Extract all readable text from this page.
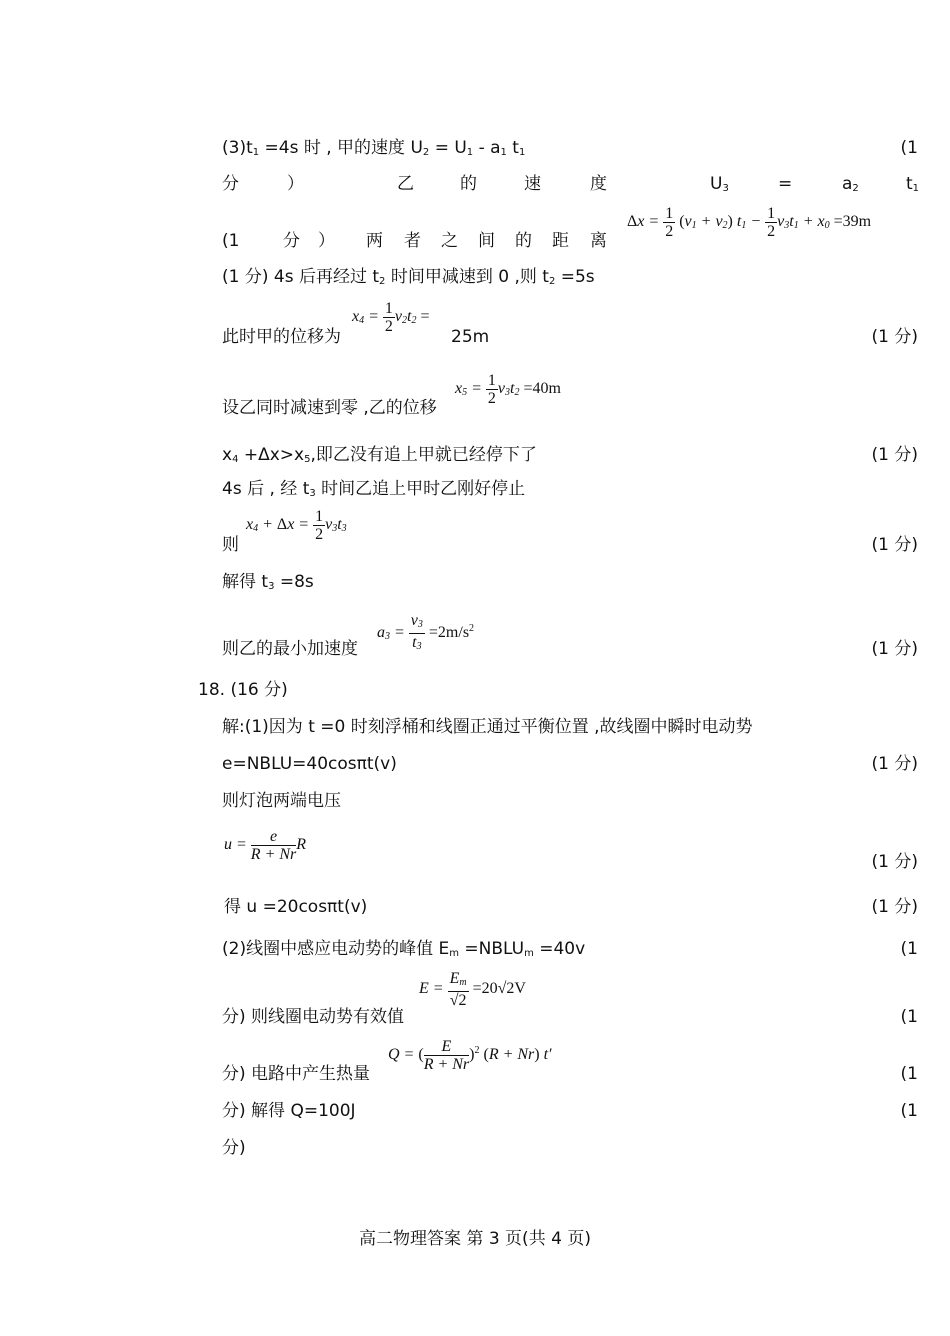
$(3)t_1 =4s$ 时 , 甲的速度 $U_2 = U_1 - a_1$ $t_1$	(1
分	）	乙	的	速	度	$U_3$	=	$a_2$	$t_1$
(1	分 ） 两 者 之 间 的 距 离
$\Delta x = \frac{1}{2} (v_1 + v_2) t_1 - \frac{1}{2} v_3t_1 + x_0 =39m$
(1 分) 4s 后再经过 $t_2$ 时间甲减速到 0 ,则 $t_2 =5s$
此时甲的位移为
$x_4 = \frac{1}{2} v_2t_2$ =
25m	(1 分)
设乙同时减速到零 ,乙的位移
$x_5 = \frac{1}{2} v_3t_2 =40m$
$x_4 +\Delta x>x_5$,即乙没有追上甲就已经停下了	(1 分)
4s 后 , 经 $t_3$ 时间乙追上甲时乙刚好停止
则
$x_4 + \Delta x = \frac{1}{2} v_3t_3$
(1 分)
解得 $t_3 =8s$
则乙的最小加速度
$a_3 = \frac{v_3}{t_3} =2m/s^2$
(1 分)
18. (16 分)
解:(1)因为 t =0 时刻浮桶和线圈正通过平衡位置 ,故线圈中瞬时电动势
e=NBLU=40cosπt(v)	(1 分)
则灯泡两端电压
$u = \frac{e}{R + Nr}$ R
(1 分)
得 u =20cosπt(v)	(1 分)
(2)线圈中感应电动势的峰值 $E_m$ $=NBLU_m =40v$	(1
分) 则线圈电动势有效值
$E = \frac{E_m}{√2} =20√2V$
(1
分) 电路中产生热量
Q = ( $\frac{E}{R + Nr} )^2$ (R + Nr) t′
(1
分) 解得 Q=100J	(1
分)
高二物理答案 第 3 页(共 4 页)
